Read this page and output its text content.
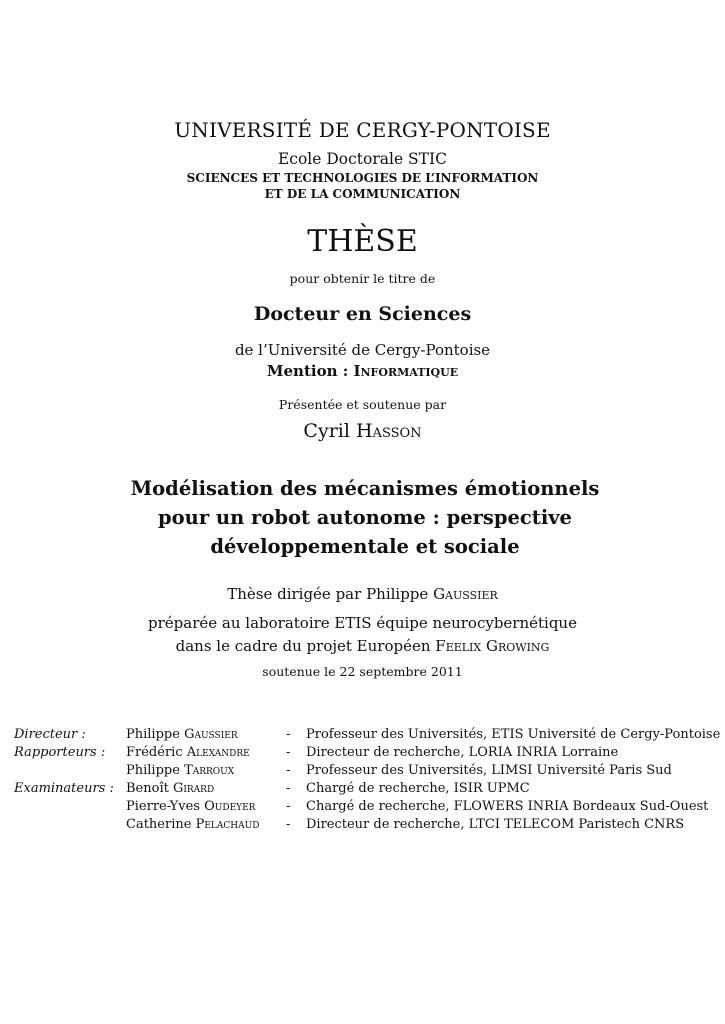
UNIVERSITÉ DE CERGY-PONTOISE
Ecole Doctorale STIC
SCIENCES ET TECHNOLOGIES DE L’INFORMATION
ET DE LA COMMUNICATION
THÈSE
pour obtenir le titre de
Docteur en Sciences
de l’Université de Cergy-Pontoise
Mention : Informatique
Présentée et soutenue par
Cyril Hasson
Modélisation des mécanismes émotionnels pour un robot autonome : perspective développementale et sociale
Thèse dirigée par Philippe Gaussier
préparée au laboratoire ETIS équipe neurocybernétique
dans le cadre du projet Européen Feelix Growing
soutenue le 22 septembre 2011
Directeur :	Philippe Gaussier	-	Professeur des Universités, ETIS Université de Cergy-Pontoise
Rapporteurs :	Frédéric Alexandre	-	Directeur de recherche, LORIA INRIA Lorraine
	Philippe Tarroux	-	Professeur des Universités, LIMSI Université Paris Sud
Examinateurs :	Benoît Girard	-	Chargé de recherche, ISIR UPMC
	Pierre-Yves Oudeyer	-	Chargé de recherche, FLOWERS INRIA Bordeaux Sud-Ouest
	Catherine Pelachaud	-	Directeur de recherche, LTCI TELECOM Paristech CNRS
